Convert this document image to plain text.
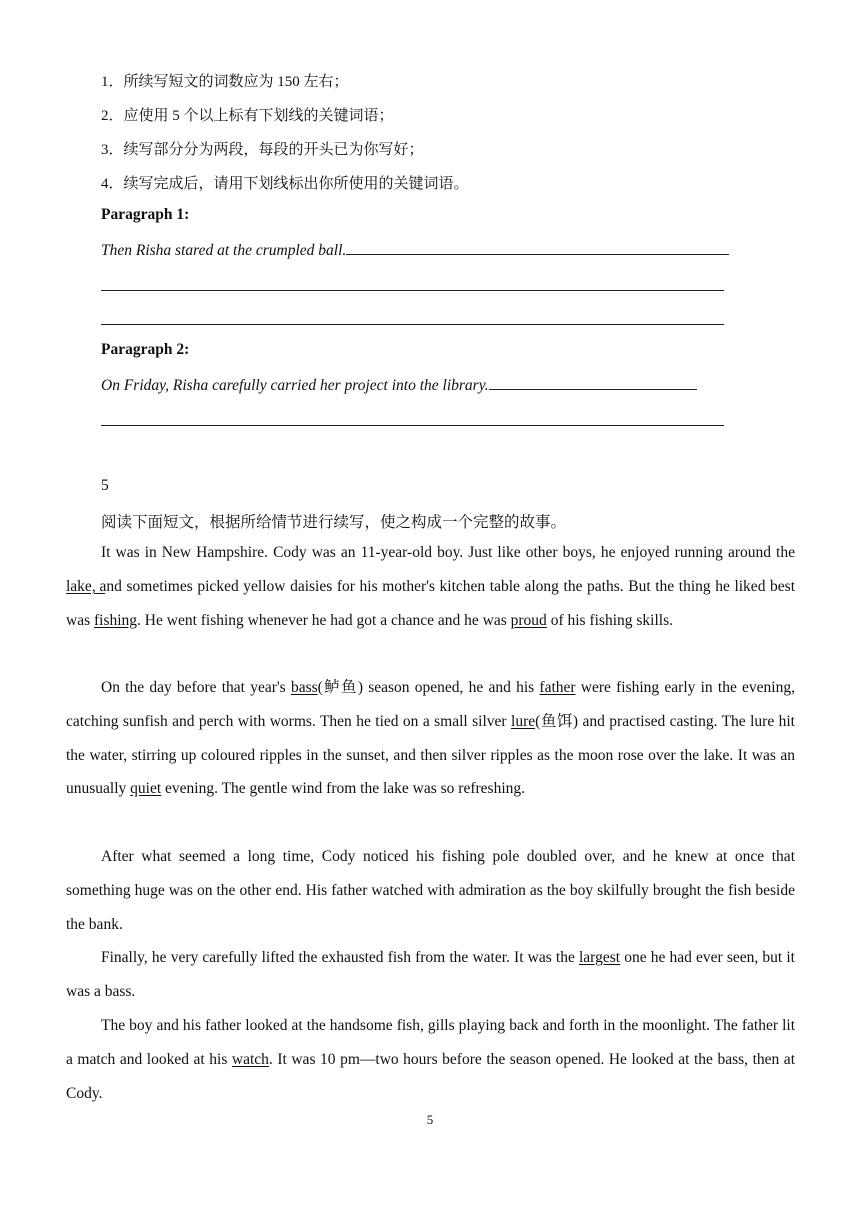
1．所续写短文的词数应为 150 左右；
2．应使用 5 个以上标有下划线的关键词语；
3．续写部分分为两段，每段的开头已为你写好；
4．续写完成后，请用下划线标出你所使用的关键词语。
Paragraph 1:
Then Risha stared at the crumpled ball.
Paragraph 2:
On Friday, Risha carefully carried her project into the library.
5
阅读下面短文，根据所给情节进行续写，使之构成一个完整的故事。
It was in New Hampshire. Cody was an 11-year-old boy. Just like other boys, he enjoyed running around the lake,   and sometimes picked yellow daisies for his mother's kitchen table along the paths. But the thing he liked best was fishing. He went fishing whenever he had got a chance and he was proud of his fishing skills.
On the day before that year's bass(鲈鱼) season opened, he and his father were fishing early in the evening, catching sunfish and perch with worms. Then he tied on a small silver lure(鱼饵) and practised casting. The lure hit the water, stirring up coloured ripples in the sunset, and then silver ripples as the moon rose over the lake. It was an unusually quiet evening. The gentle wind from the lake was so refreshing.
After what seemed a long time, Cody noticed his fishing pole doubled over, and he knew at once that something huge was on the other end. His father watched with admiration as the boy skilfully brought the fish beside the bank.
Finally, he very carefully lifted the exhausted fish from the water. It was the largest one he had ever seen, but it was a bass.
The boy and his father looked at the handsome fish, gills playing back and forth in the moonlight. The father lit a match and looked at his watch. It was 10 pm—two hours before the season opened. He looked at the bass, then at Cody.
5
